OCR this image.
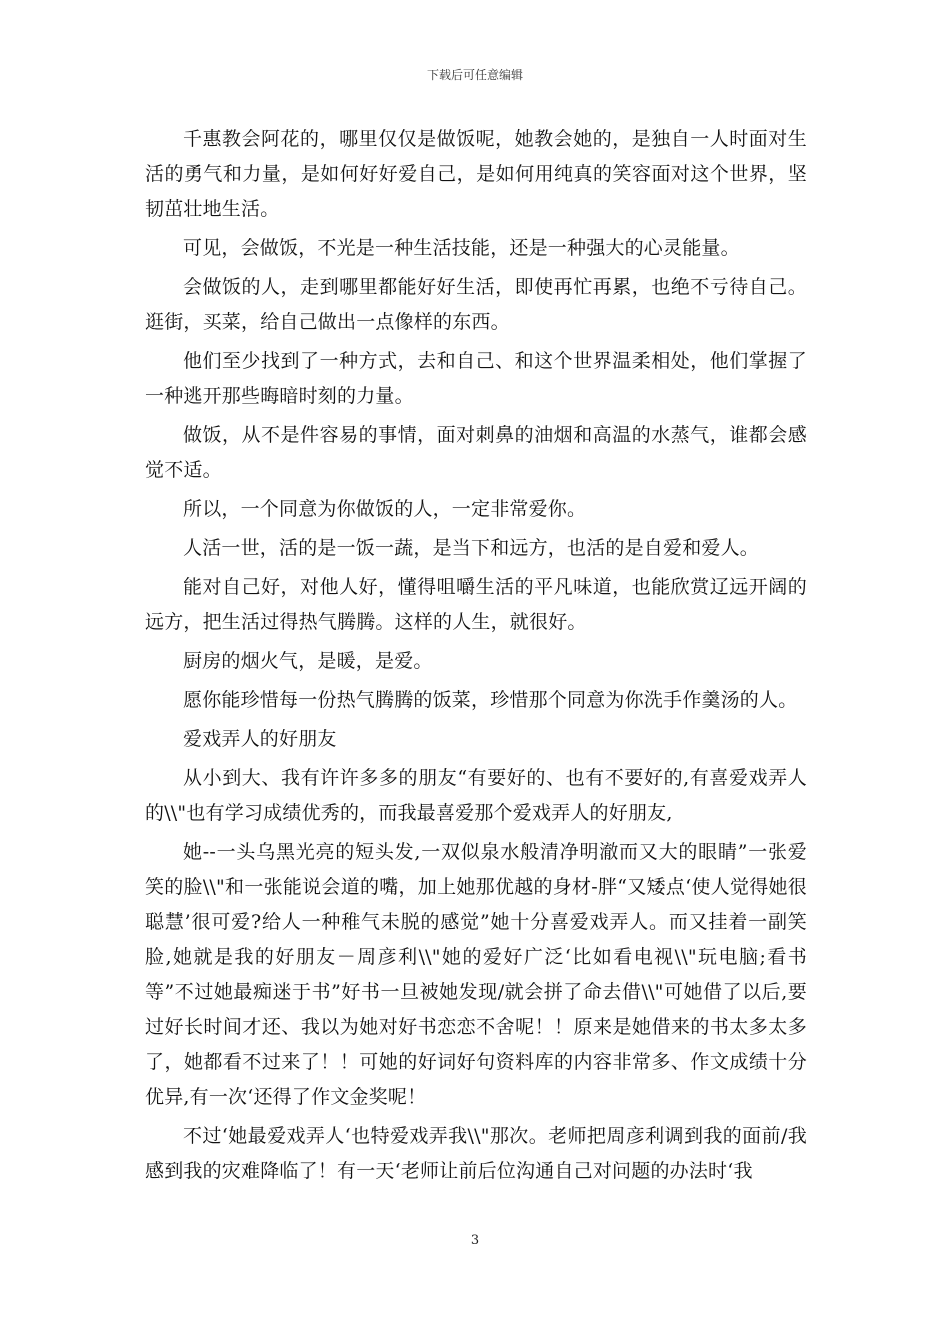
下载后可任意编辑

千惠教会阿花的，哪里仅仅是做饭呢，她教会她的，是独自一人时面对生活的勇气和力量，是如何好好爱自己，是如何用纯真的笑容面对这个世界，坚韧茁壮地生活。

可见，会做饭，不光是一种生活技能，还是一种强大的心灵能量。

会做饭的人，走到哪里都能好好生活，即使再忙再累，也绝不亏待自己。逛街，买菜，给自己做出一点像样的东西。

他们至少找到了一种方式，去和自己、和这个世界温柔相处，他们掌握了一种逃开那些晦暗时刻的力量。

做饭，从不是件容易的事情，面对刺鼻的油烟和高温的水蒸气，谁都会感觉不适。

所以，一个同意为你做饭的人，一定非常爱你。

人活一世，活的是一饭一蔬，是当下和远方，也活的是自爱和爱人。

能对自己好，对他人好，懂得咀嚼生活的平凡味道，也能欣赏辽远开阔的远方，把生活过得热气腾腾。这样的人生，就很好。

厨房的烟火气，是暖，是爱。

愿你能珍惜每一份热气腾腾的饭菜，珍惜那个同意为你洗手作羹汤的人。

爱戏弄人的好朋友

从小到大、我有许许多多的朋友“有要好的、也有不要好的,有喜爱戏弄人的\\"也有学习成绩优秀的，而我最喜爱那个爱戏弄人的好朋友,

她--一头乌黑光亮的短头发,一双似泉水般清净明澈而又大的眼睛”一张爱笑的脸\\"和一张能说会道的嘴，加上她那优越的身材-胖“又矮点‘使人觉得她很聪慧’很可爱?给人一种稚气未脱的感觉”她十分喜爱戏弄人。而又挂着一副笑脸,她就是我的好朋友－周彦利\\"她的爱好广泛‘比如看电视\\"玩电脑;看书等”不过她最痴迷于书”好书一旦被她发现/就会拼了命去借\\"可她借了以后,要过好长时间才还、我以为她对好书恋恋不舍呢！！原来是她借来的书太多太多了，她都看不过来了！！可她的好词好句资料库的内容非常多、作文成绩十分优异,有一次‘还得了作文金奖呢！

不过‘她最爱戏弄人‘也特爱戏弄我\\"那次。老师把周彦利调到我的面前/我感到我的灾难降临了！有一天‘老师让前后位沟通自己对问题的办法时‘我

3
